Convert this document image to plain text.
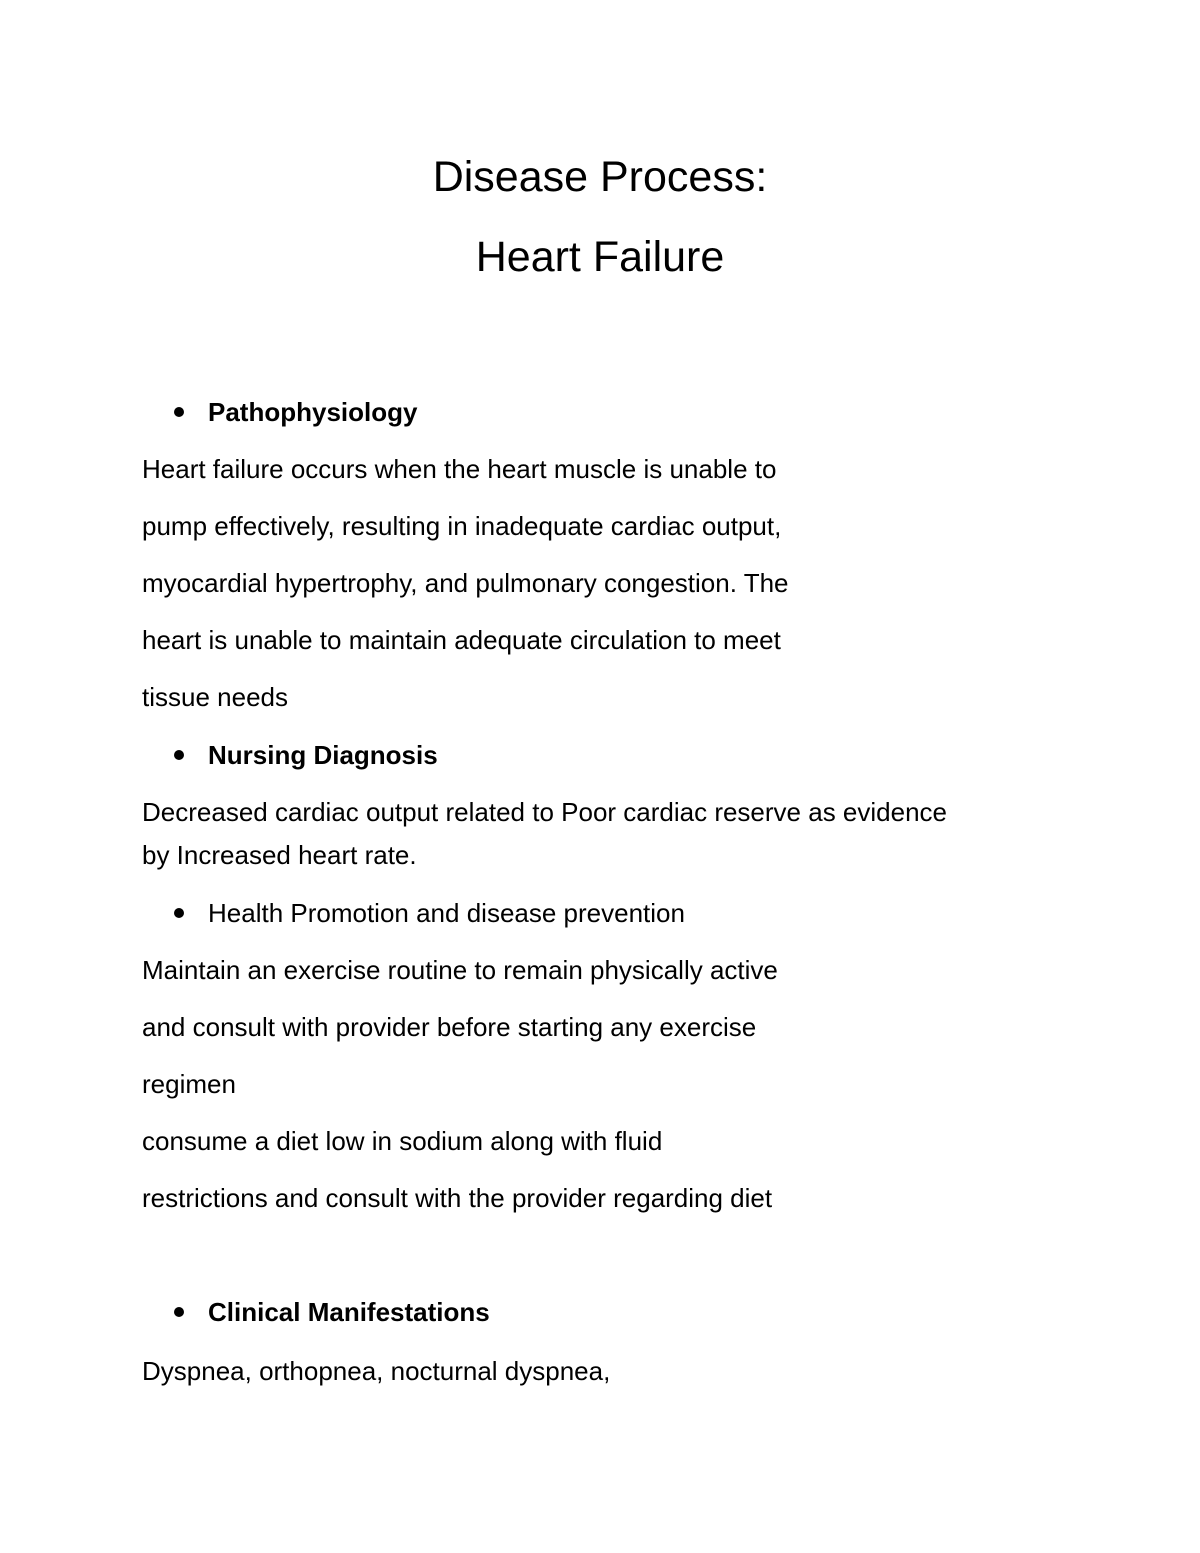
Disease Process:
Heart Failure
Pathophysiology
Heart failure occurs when the heart muscle is unable to
pump effectively, resulting in inadequate cardiac output,
myocardial hypertrophy, and pulmonary congestion. The
heart is unable to maintain adequate circulation to meet
tissue needs
Nursing Diagnosis
Decreased cardiac output related to Poor cardiac reserve as evidence
by Increased heart rate.
Health Promotion and disease prevention
Maintain an exercise routine to remain physically active
and consult with provider before starting any exercise
regimen
consume a diet low in sodium along with fluid
restrictions and consult with the provider regarding diet
Clinical Manifestations
Dyspnea, orthopnea, nocturnal dyspnea,
